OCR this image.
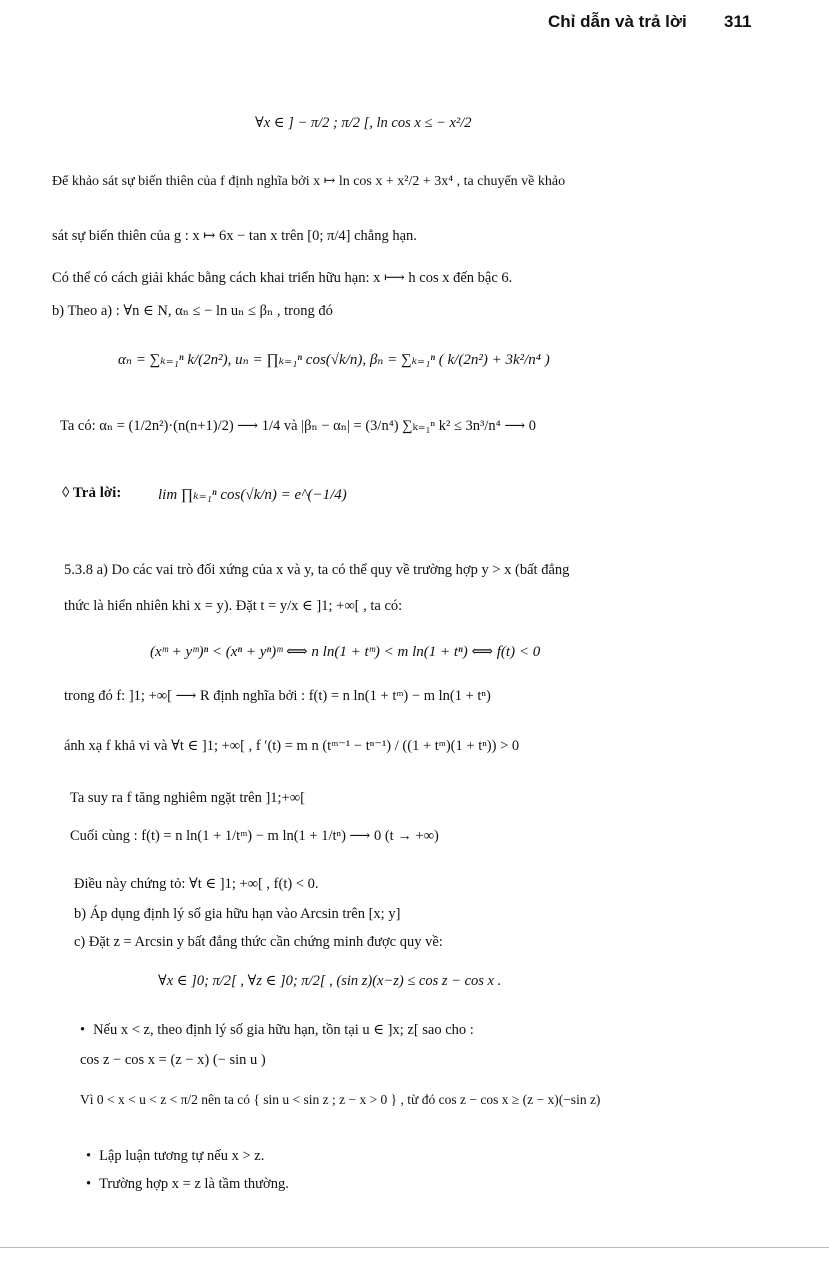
Chỉ dẫn và trả lời 311
∀x ∈ ] − π/2 ; π/2 [, ln cos x ≤ − x²/2
Để khảo sát sự biến thiên của f định nghĩa bởi x ↦ ln cos x + x²/2 + 3x⁴ , ta chuyển về khảo
sát sự biến thiên của g : x ↦ 6x − tan x trên [0; π/4] chẳng hạn.
Có thể có cách giải khác bằng cách khai triển hữu hạn: x ⟼ h cos x đến bậc 6.
b) Theo a) : ∀n ∈ N, αₙ ≤ − ln uₙ ≤ βₙ , trong đó
αₙ = ∑ₖ₌₁ⁿ k/(2n²), uₙ = ∏ₖ₌₁ⁿ cos(√k/n), βₙ = ∑ₖ₌₁ⁿ ( k/(2n²) + 3k²/n⁴ )
Ta có: αₙ = (1/2n²)·(n(n+1)/2) ⟶ 1/4 và |βₙ − αₙ| = (3/n⁴) ∑ₖ₌₁ⁿ k² ≤ 3n³/n⁴ ⟶ 0
◊ Trả lời: lim ∏ₖ₌₁ⁿ cos(√k/n) = e^(−1/4)
5.3.8 a) Do các vai trò đối xứng của x và y, ta có thể quy về trường hợp y > x (bất đẳng
thức là hiển nhiên khi x = y). Đặt t = y/x ∈ ]1; +∞[ , ta có:
(xᵐ + yᵐ)ⁿ < (xⁿ + yⁿ)ᵐ ⟺ n ln(1 + tᵐ) < m ln(1 + tⁿ) ⟺ f(t) < 0
trong đó f: ]1; +∞[ ⟶ R định nghĩa bởi : f(t) = n ln(1 + tᵐ) − m ln(1 + tⁿ)
ánh xạ f khả vi và ∀t ∈ ]1; +∞[ , f ′(t) = m n (tᵐ⁻¹ − tⁿ⁻¹) / ((1 + tᵐ)(1 + tⁿ)) > 0
Ta suy ra f tăng nghiêm ngặt trên ]1;+∞[
Cuối cùng : f(t) = n ln(1 + 1/tᵐ) − m ln(1 + 1/tⁿ) ⟶ 0 (t → +∞)
Điều này chứng tỏ: ∀t ∈ ]1; +∞[ , f(t) < 0.
b) Áp dụng định lý số gia hữu hạn vào Arcsin trên [x; y]
c) Đặt z = Arcsin y bất đẳng thức cần chứng minh được quy về:
∀x ∈ ]0; π/2[ , ∀z ∈ ]0; π/2[ , (sin z)(x−z) ≤ cos z − cos x .
• Nếu x < z, theo định lý số gia hữu hạn, tồn tại u ∈ ]x; z[ sao cho :
cos z − cos x = (z − x) (− sin u )
Vì 0 < x < u < z < π/2 nên ta có { sin u < sin z ; z − x > 0 } , từ đó cos z − cos x ≥ (z − x)(−sin z)
• Lập luận tương tự nếu x > z.
• Trường hợp x = z là tầm thường.
